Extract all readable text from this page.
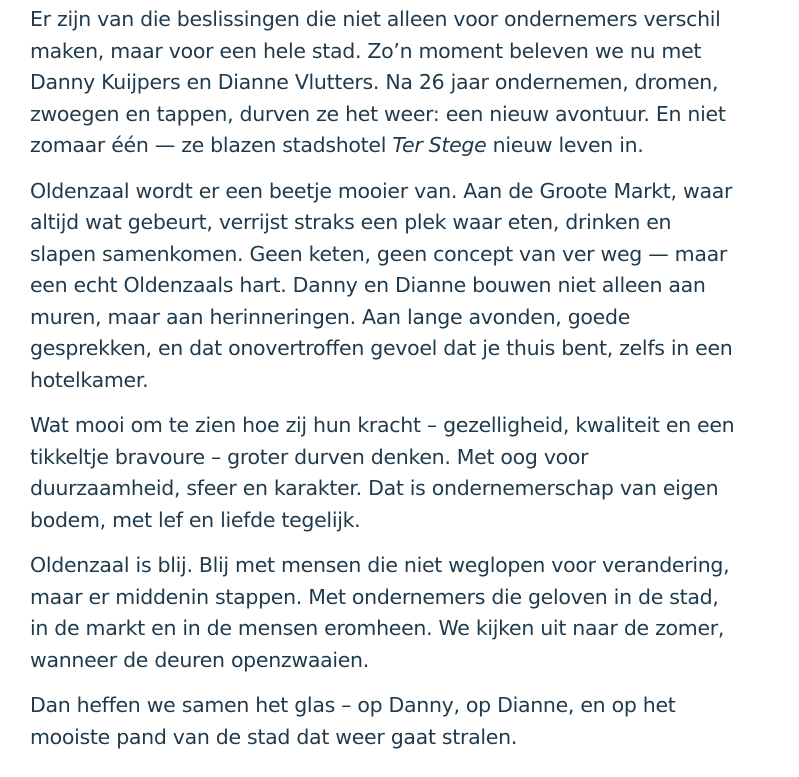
Er zijn van die beslissingen die niet alleen voor ondernemers verschil
maken, maar voor een hele stad. Zo’n moment beleven we nu met
Danny Kuijpers en Dianne Vlutters. Na 26 jaar ondernemen, dromen,
zwoegen en tappen, durven ze het weer: een nieuw avontuur. En niet
zomaar één — ze blazen stadshotel Ter Stege nieuw leven in.

Oldenzaal wordt er een beetje mooier van. Aan de Groote Markt, waar
altijd wat gebeurt, verrijst straks een plek waar eten, drinken en
slapen samenkomen. Geen keten, geen concept van ver weg — maar
een echt Oldenzaals hart. Danny en Dianne bouwen niet alleen aan
muren, maar aan herinneringen. Aan lange avonden, goede
gesprekken, en dat onovertroffen gevoel dat je thuis bent, zelfs in een
hotelkamer.

Wat mooi om te zien hoe zij hun kracht – gezelligheid, kwaliteit en een
tikkeltje bravoure – groter durven denken. Met oog voor
duurzaamheid, sfeer en karakter. Dat is ondernemerschap van eigen
bodem, met lef en liefde tegelijk.

Oldenzaal is blij. Blij met mensen die niet weglopen voor verandering,
maar er middenin stappen. Met ondernemers die geloven in de stad,
in de markt en in de mensen eromheen. We kijken uit naar de zomer,
wanneer de deuren openzwaaien.

Dan heffen we samen het glas – op Danny, op Dianne, en op het
mooiste pand van de stad dat weer gaat stralen.
